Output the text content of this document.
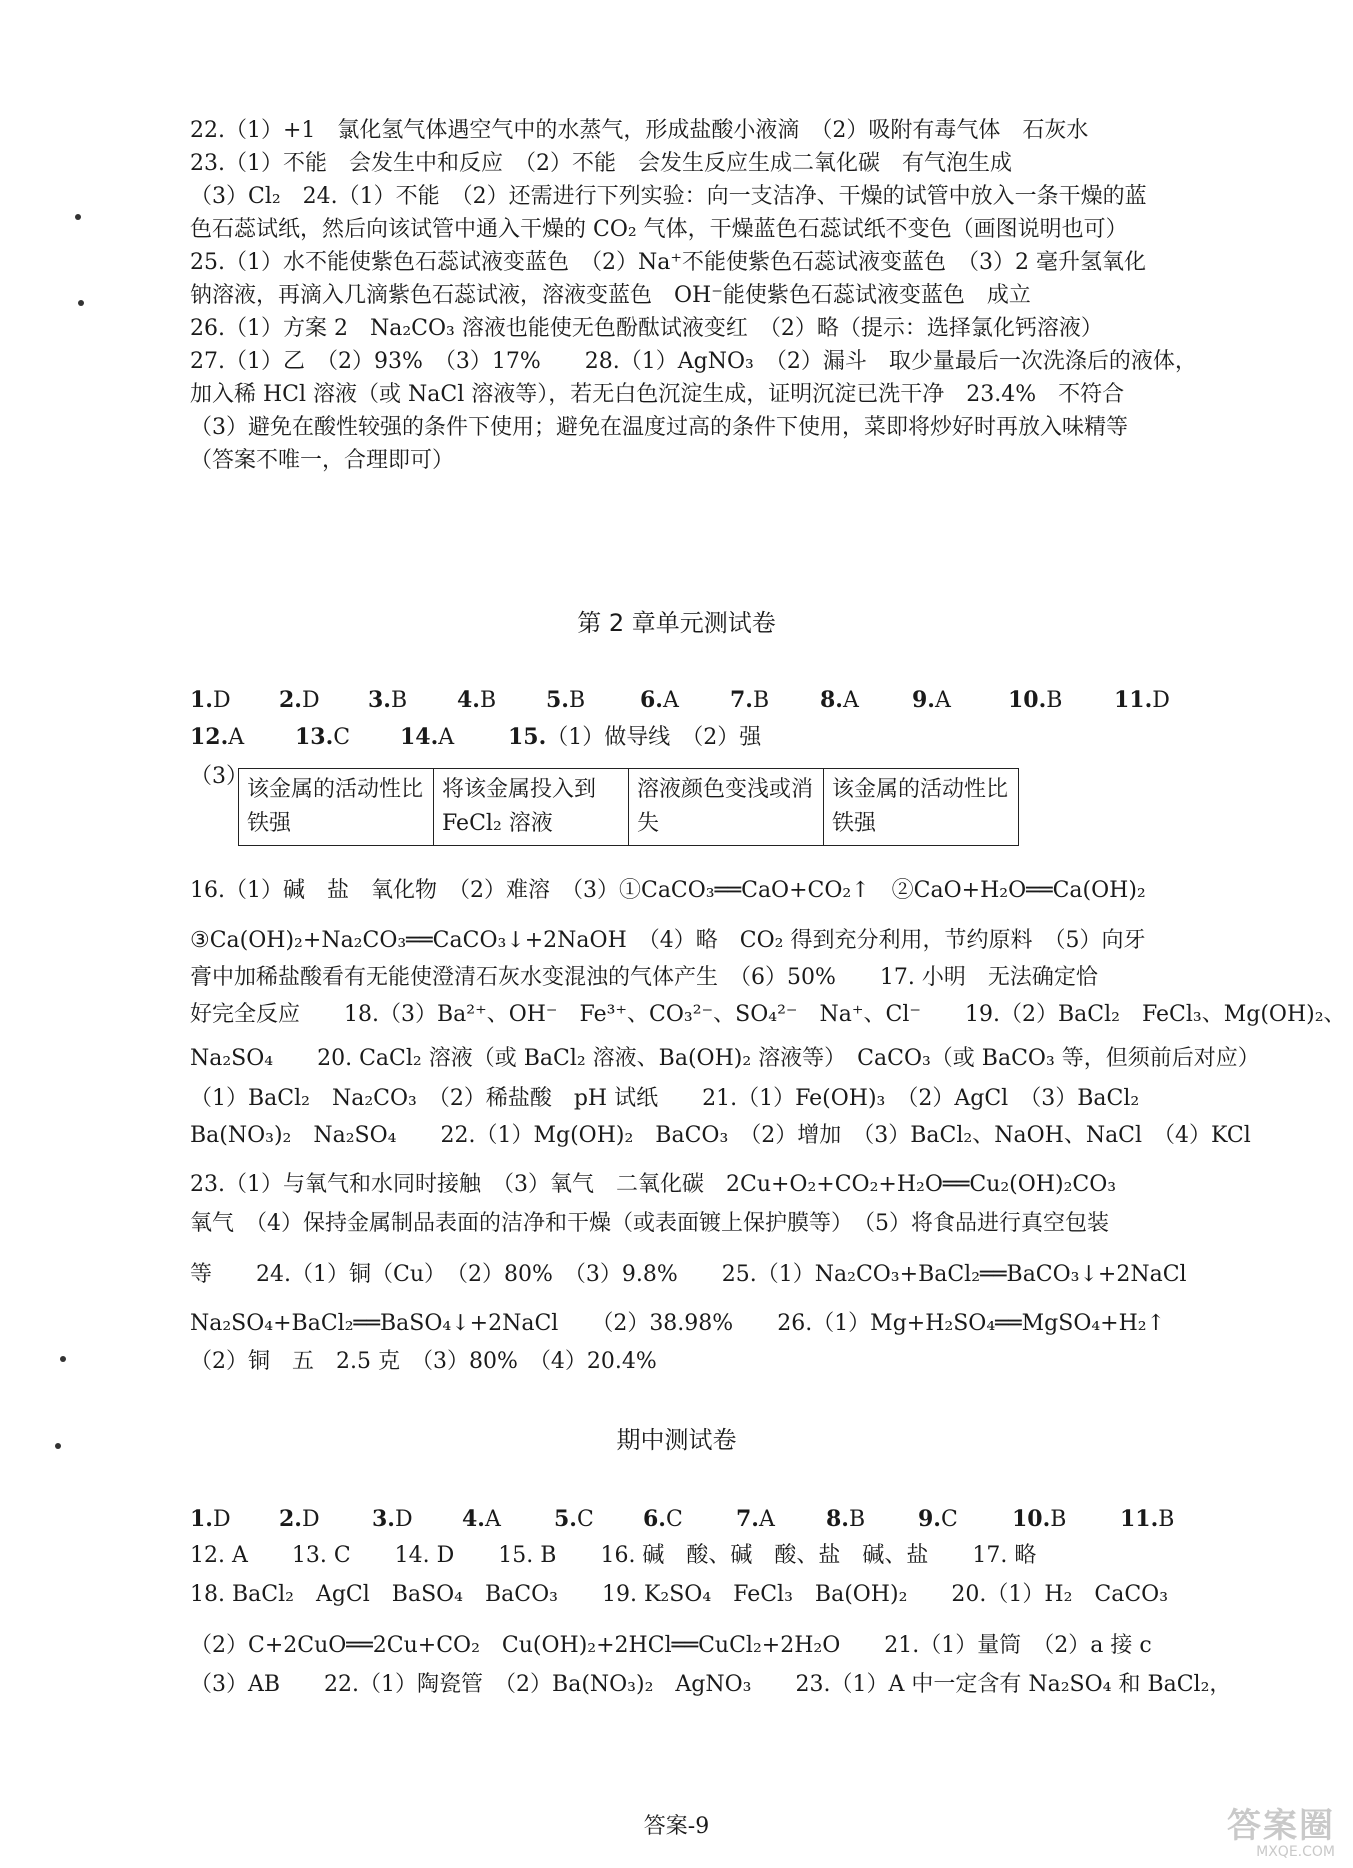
22.（1）+1　氯化氢气体遇空气中的水蒸气，形成盐酸小液滴　（2）吸附有毒气体　石灰水
23.（1）不能　会发生中和反应　（2）不能　会发生反应生成二氧化碳　有气泡生成
（3）Cl₂　24.（1）不能　（2）还需进行下列实验：向一支洁净、干燥的试管中放入一条干燥的蓝
色石蕊试纸，然后向该试管中通入干燥的 CO₂ 气体，干燥蓝色石蕊试纸不变色（画图说明也可）
25.（1）水不能使紫色石蕊试液变蓝色　（2）Na⁺不能使紫色石蕊试液变蓝色　（3）2 毫升氢氧化
钠溶液，再滴入几滴紫色石蕊试液，溶液变蓝色　OH⁻能使紫色石蕊试液变蓝色　成立
26.（1）方案 2　Na₂CO₃ 溶液也能使无色酚酞试液变红　（2）略（提示：选择氯化钙溶液）
27.（1）乙　（2）93%　（3）17%　　28.（1）AgNO₃　（2）漏斗　取少量最后一次洗涤后的液体，
加入稀 HCl 溶液（或 NaCl 溶液等），若无白色沉淀生成，证明沉淀已洗干净　23.4%　不符合
（3）避免在酸性较强的条件下使用；避免在温度过高的条件下使用，菜即将炒好时再放入味精等
（答案不唯一，合理即可）
第 2 章单元测试卷
1.D 2.D 3.B 4.B 5.B 6.A 7.B 8.A 9.A	10.B 11.D
12.A 13.C 14.A 15.（1）做导线　（2）强
（3）
该金属的活动性比铁强	将该金属投入到 FeCl₂ 溶液	溶液颜色变浅或消失	该金属的活动性比铁强
16.（1）碱　盐　氧化物　（2）难溶　（3）①CaCO₃══CaO+CO₂↑　②CaO+H₂O══Ca(OH)₂
③Ca(OH)₂+Na₂CO₃══CaCO₃↓+2NaOH　（4）略　CO₂ 得到充分利用，节约原料　（5）向牙
膏中加稀盐酸看有无能使澄清石灰水变混浊的气体产生　（6）50%　　17. 小明　无法确定恰
好完全反应　　18.（3）Ba²⁺、OH⁻　Fe³⁺、CO₃²⁻、SO₄²⁻　Na⁺、Cl⁻　　19.（2）BaCl₂　FeCl₃、Mg(OH)₂、
Na₂SO₄　　20. CaCl₂ 溶液（或 BaCl₂ 溶液、Ba(OH)₂ 溶液等）　CaCO₃（或 BaCO₃ 等，但须前后对应）
（1）BaCl₂　Na₂CO₃　（2）稀盐酸　pH 试纸　　21.（1）Fe(OH)₃　（2）AgCl　（3）BaCl₂
Ba(NO₃)₂　Na₂SO₄　　22.（1）Mg(OH)₂　BaCO₃　（2）增加　（3）BaCl₂、NaOH、NaCl　（4）KCl
23.（1）与氧气和水同时接触　（3）氧气　二氧化碳　2Cu+O₂+CO₂+H₂O══Cu₂(OH)₂CO₃
氧气　（4）保持金属制品表面的洁净和干燥（或表面镀上保护膜等）　（5）将食品进行真空包装
等　　24.（1）铜（Cu）　（2）80%　（3）9.8%　　25.（1）Na₂CO₃+BaCl₂══BaCO₃↓+2NaCl
Na₂SO₄+BaCl₂══BaSO₄↓+2NaCl　　（2）38.98%　　26.（1）Mg+H₂SO₄══MgSO₄+H₂↑
（2）铜　五　2.5 克　（3）80%　（4）20.4%
期中测试卷
1.D 2.D 3.D 4.A 5.C 6.C 7.A 8.B 9.C 10.B 11.B
12. A　　13. C　　14. D　　15. B　　16. 碱　酸、碱　酸、盐　碱、盐　　17. 略
18. BaCl₂　AgCl　BaSO₄　BaCO₃　　19. K₂SO₄　FeCl₃　Ba(OH)₂　　20.（1）H₂　CaCO₃
（2）C+2CuO══2Cu+CO₂　Cu(OH)₂+2HCl══CuCl₂+2H₂O　　21.（1）量筒　（2）a 接 c
（3）AB　　22.（1）陶瓷管　（2）Ba(NO₃)₂　AgNO₃　　23.（1）A 中一定含有 Na₂SO₄ 和 BaCl₂，
答案-9	答案圈
MXQE.COM
